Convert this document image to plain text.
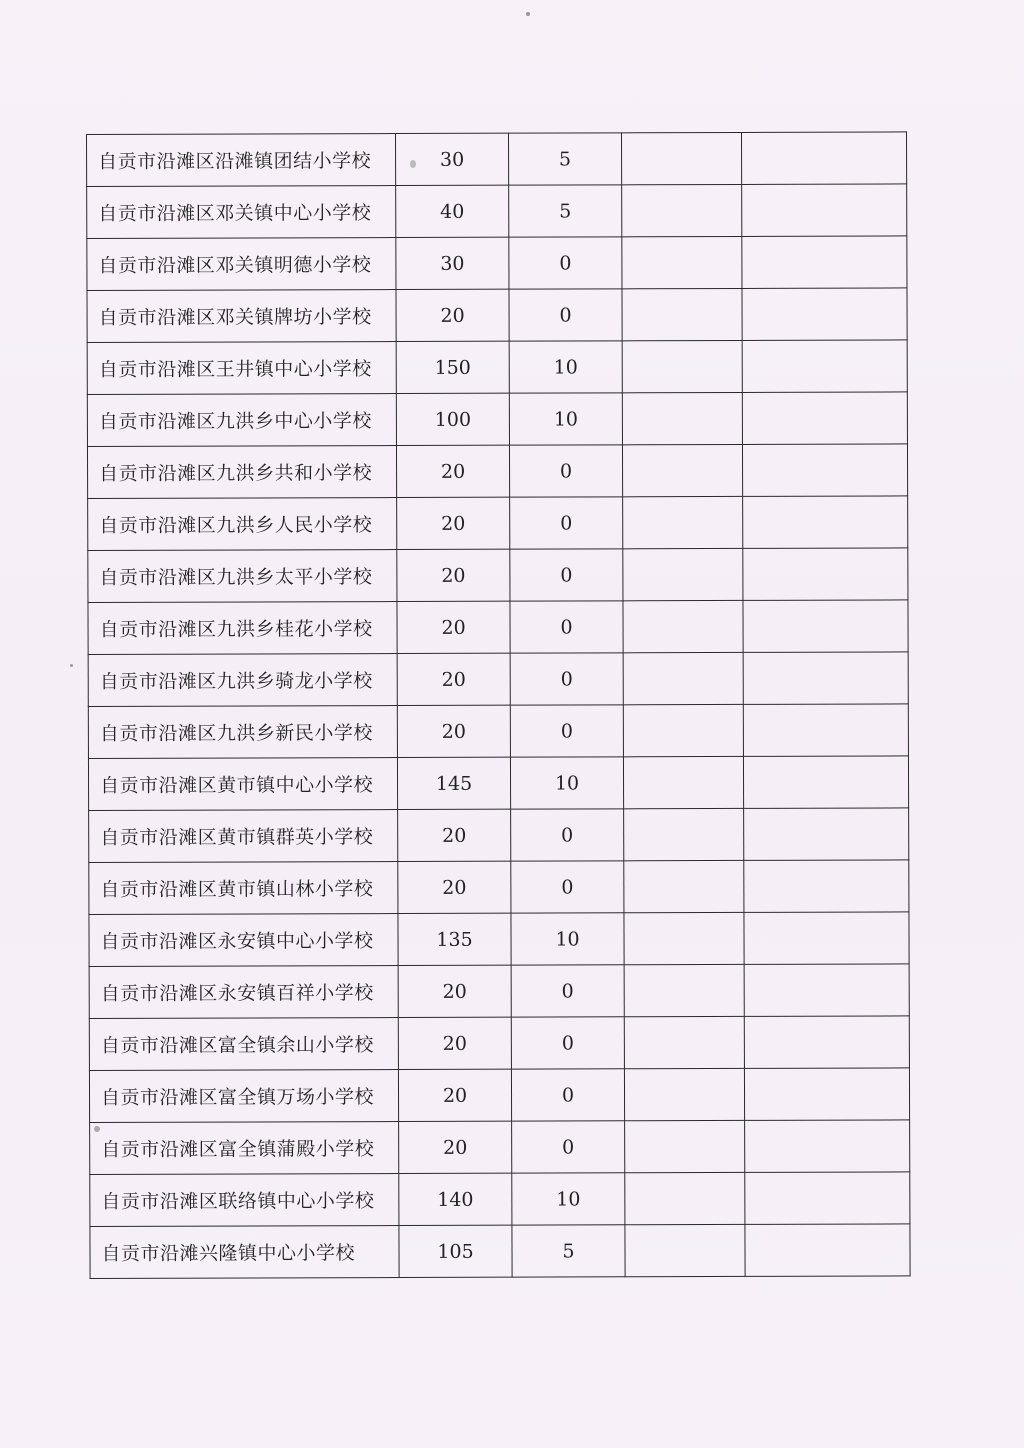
自贡市沿滩区沿滩镇团结小学校	30	5		
自贡市沿滩区邓关镇中心小学校	40	5		
自贡市沿滩区邓关镇明德小学校	30	0		
自贡市沿滩区邓关镇牌坊小学校	20	0		
自贡市沿滩区王井镇中心小学校	150	10		
自贡市沿滩区九洪乡中心小学校	100	10		
自贡市沿滩区九洪乡共和小学校	20	0		
自贡市沿滩区九洪乡人民小学校	20	0		
自贡市沿滩区九洪乡太平小学校	20	0		
自贡市沿滩区九洪乡桂花小学校	20	0		
自贡市沿滩区九洪乡骑龙小学校	20	0		
自贡市沿滩区九洪乡新民小学校	20	0		
自贡市沿滩区黄市镇中心小学校	145	10		
自贡市沿滩区黄市镇群英小学校	20	0		
自贡市沿滩区黄市镇山林小学校	20	0		
自贡市沿滩区永安镇中心小学校	135	10		
自贡市沿滩区永安镇百祥小学校	20	0		
自贡市沿滩区富全镇余山小学校	20	0		
自贡市沿滩区富全镇万场小学校	20	0		
自贡市沿滩区富全镇蒲殿小学校	20	0		
自贡市沿滩区联络镇中心小学校	140	10		
自贡市沿滩兴隆镇中心小学校	105	5		
